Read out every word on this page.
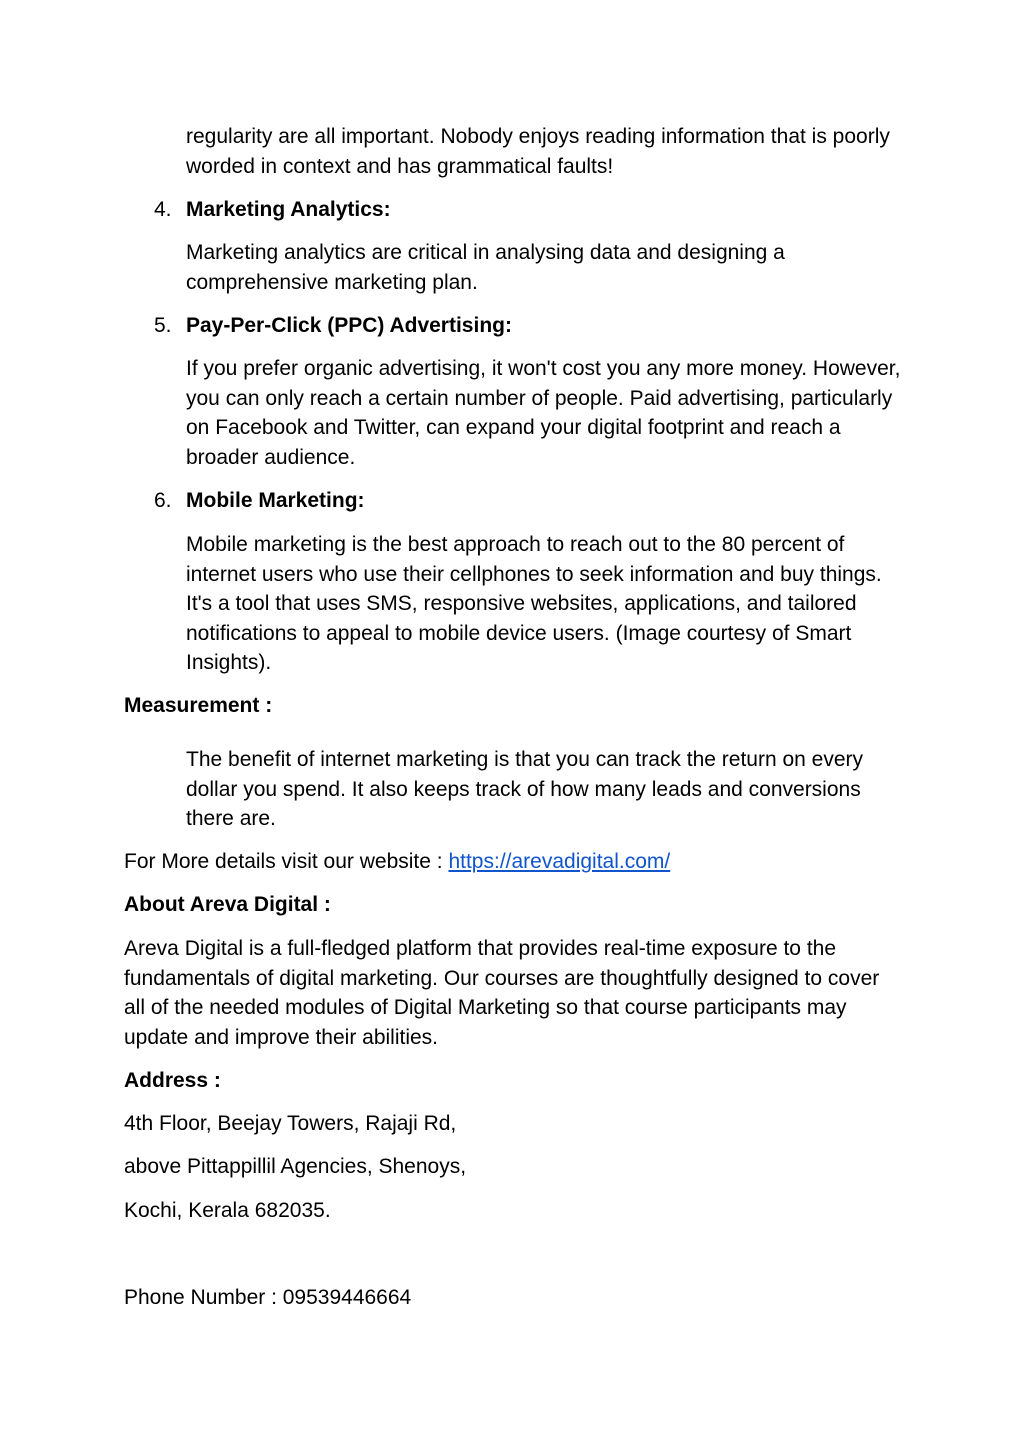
regularity are all important. Nobody enjoys reading information that is poorly worded in context and has grammatical faults!

4. Marketing Analytics:

Marketing analytics are critical in analysing data and designing a comprehensive marketing plan.

5. Pay-Per-Click (PPC) Advertising:

If you prefer organic advertising, it won't cost you any more money. However, you can only reach a certain number of people. Paid advertising, particularly on Facebook and Twitter, can expand your digital footprint and reach a broader audience.

6. Mobile Marketing:

Mobile marketing is the best approach to reach out to the 80 percent of internet users who use their cellphones to seek information and buy things. It's a tool that uses SMS, responsive websites, applications, and tailored notifications to appeal to mobile device users. (Image courtesy of Smart Insights).

Measurement :

The benefit of internet marketing is that you can track the return on every dollar you spend. It also keeps track of how many leads and conversions there are.

For More details visit our website : https://arevadigital.com/

About Areva Digital :

Areva Digital is a full-fledged platform that provides real-time exposure to the fundamentals of digital marketing. Our courses are thoughtfully designed to cover all of the needed modules of Digital Marketing so that course participants may update and improve their abilities.

Address :

4th Floor, Beejay Towers, Rajaji Rd,

above Pittappillil Agencies, Shenoys,

Kochi, Kerala 682035.

Phone Number : 09539446664
